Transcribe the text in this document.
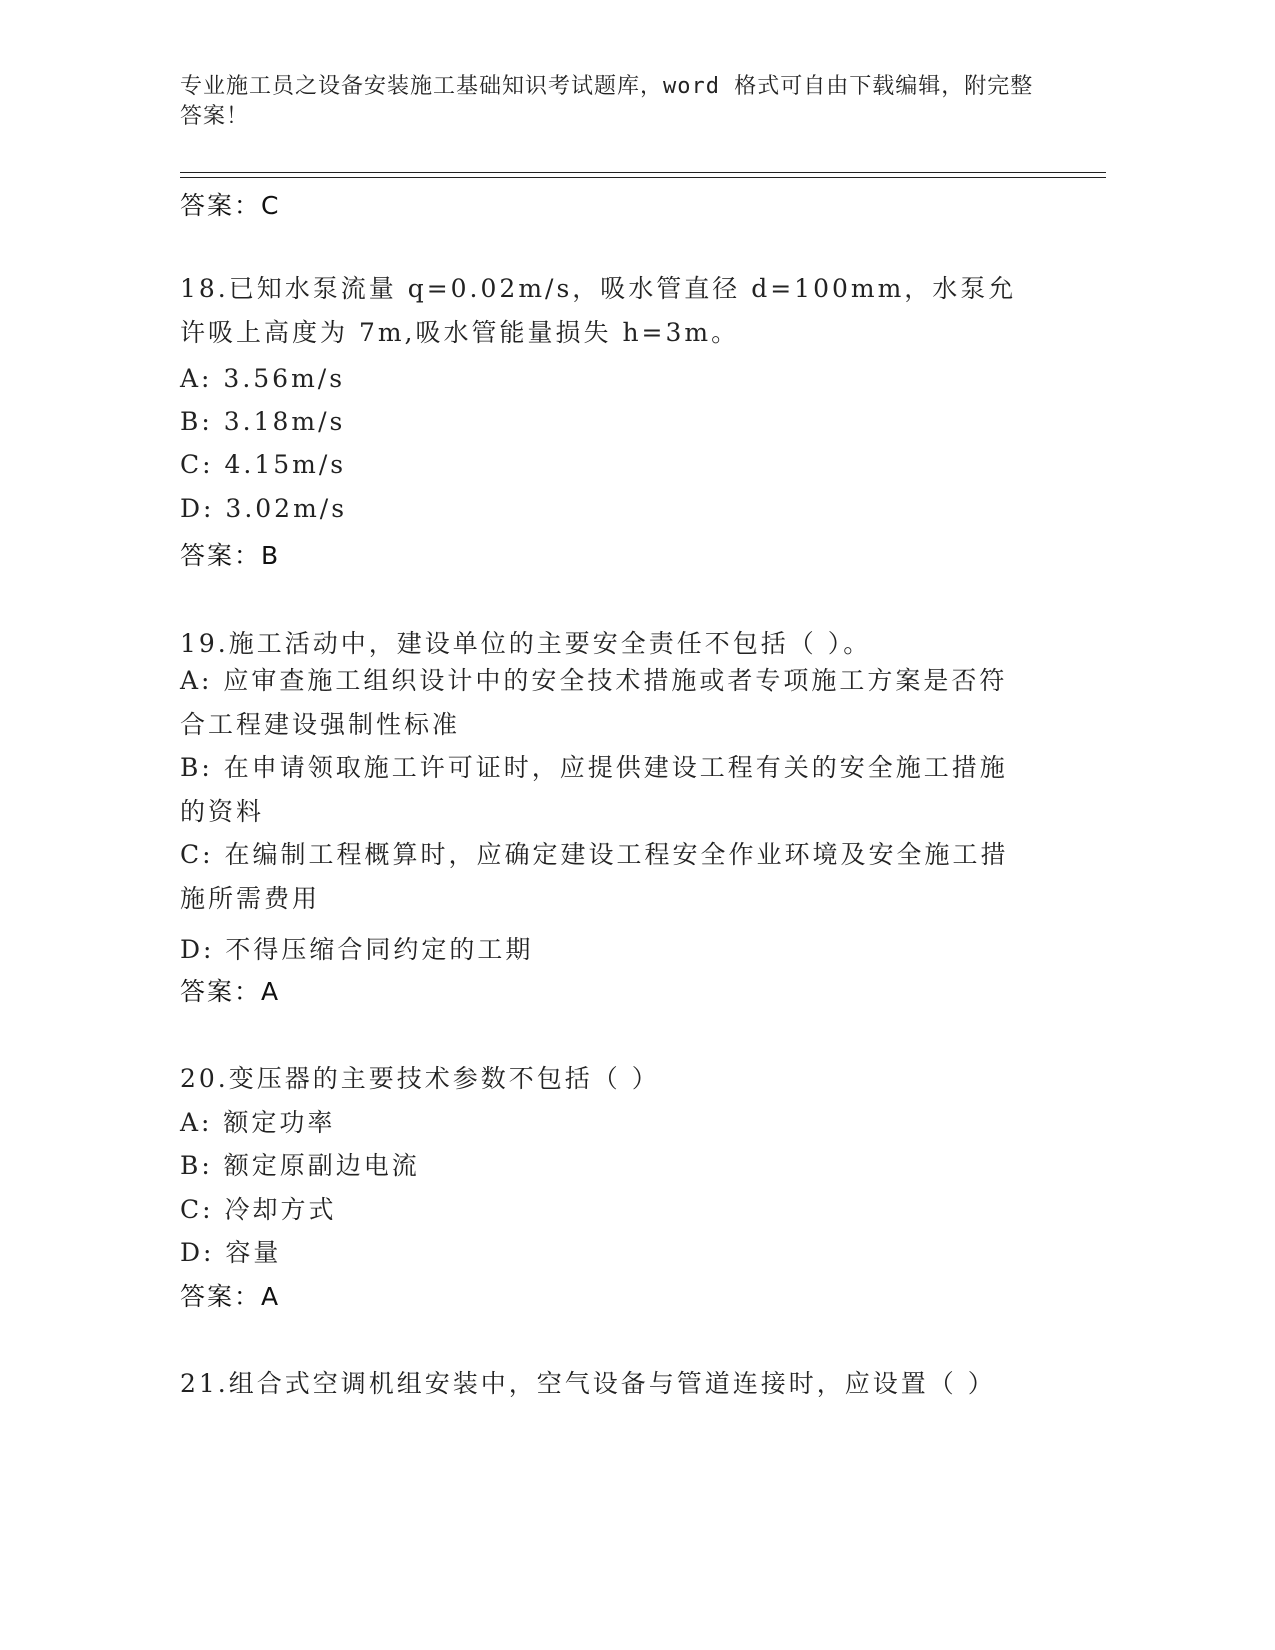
专业施工员之设备安装施工基础知识考试题库，word 格式可自由下载编辑，附完整答案！
答案：C
18.已知水泵流量 q=0.02m/s，吸水管直径 d=100mm，水泵允许吸上高度为 7m,吸水管能量损失 h=3m。
A: 3.56m/s
B: 3.18m/s
C: 4.15m/s
D: 3.02m/s
答案：B
19.施工活动中，建设单位的主要安全责任不包括（ ）。
A: 应审查施工组织设计中的安全技术措施或者专项施工方案是否符合工程建设强制性标准
B: 在申请领取施工许可证时，应提供建设工程有关的安全施工措施的资料
C: 在编制工程概算时，应确定建设工程安全作业环境及安全施工措施所需费用
D: 不得压缩合同约定的工期
答案：A
20.变压器的主要技术参数不包括（ ）
A: 额定功率
B: 额定原副边电流
C: 冷却方式
D: 容量
答案：A
21.组合式空调机组安装中，空气设备与管道连接时，应设置（ ）
